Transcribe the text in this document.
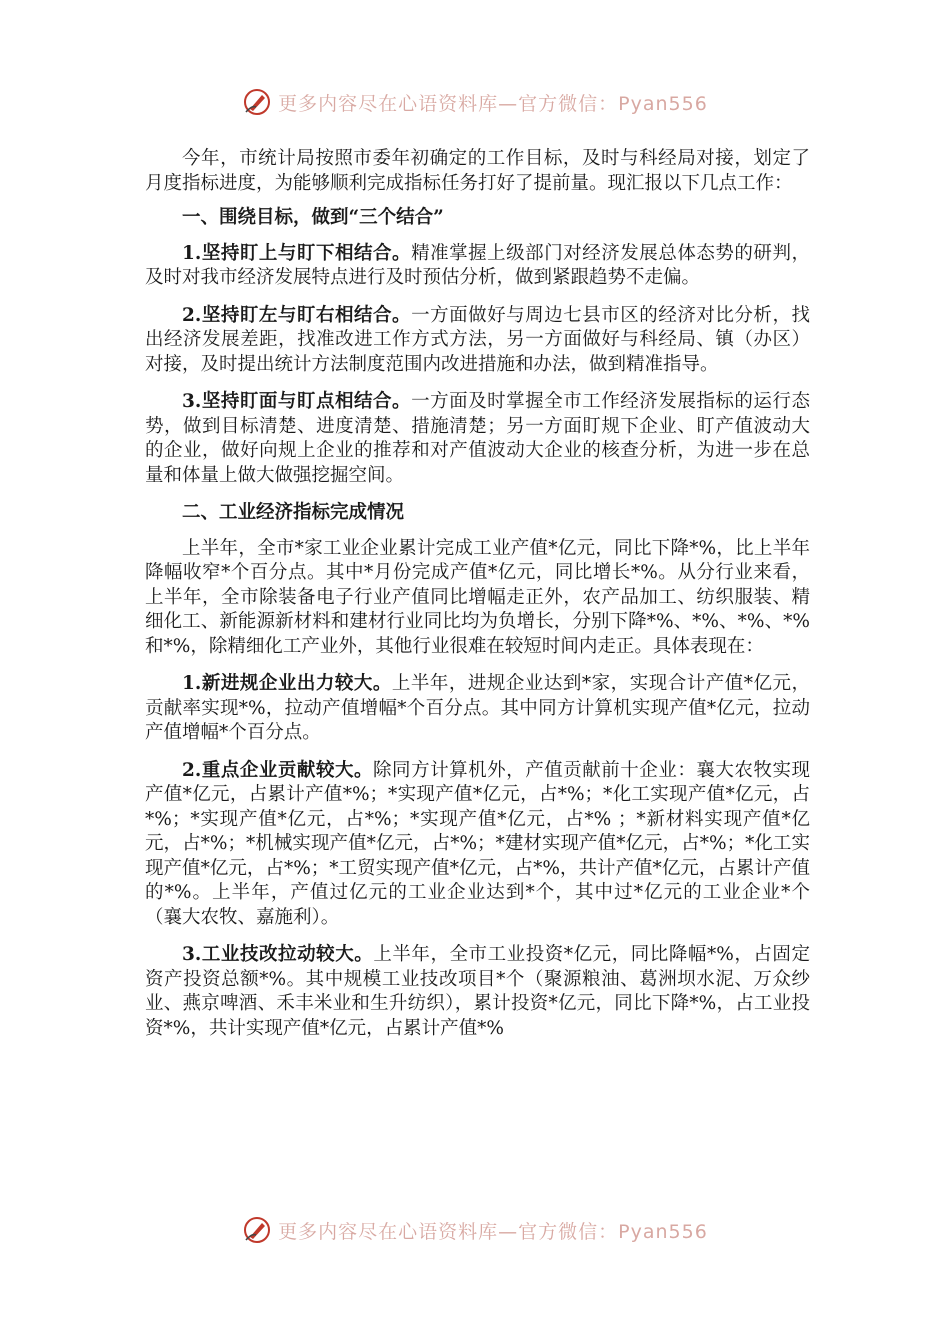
更多内容尽在心语资料库—官方微信：Pyan556

今年，市统计局按照市委年初确定的工作目标，及时与科经局对接，划定了月度指标进度，为能够顺利完成指标任务打好了提前量。现汇报以下几点工作：

一、围绕目标，做到“三个结合”

1.坚持盯上与盯下相结合。精准掌握上级部门对经济发展总体态势的研判，及时对我市经济发展特点进行及时预估分析，做到紧跟趋势不走偏。

2.坚持盯左与盯右相结合。一方面做好与周边七县市区的经济对比分析，找出经济发展差距，找准改进工作方式方法，另一方面做好与科经局、镇（办区）对接，及时提出统计方法制度范围内改进措施和办法，做到精准指导。

3.坚持盯面与盯点相结合。一方面及时掌握全市工作经济发展指标的运行态势，做到目标清楚、进度清楚、措施清楚；另一方面盯规下企业、盯产值波动大的企业，做好向规上企业的推荐和对产值波动大企业的核查分析，为进一步在总量和体量上做大做强挖掘空间。

二、工业经济指标完成情况

上半年，全市*家工业企业累计完成工业产值*亿元，同比下降*%，比上半年降幅收窄*个百分点。其中*月份完成产值*亿元，同比增长*%。从分行业来看，上半年，全市除装备电子行业产值同比增幅走正外，农产品加工、纺织服装、精细化工、新能源新材料和建材行业同比均为负增长，分别下降*%、*%、*%、*%和*%，除精细化工产业外，其他行业很难在较短时间内走正。具体表现在：

1.新进规企业出力较大。上半年，进规企业达到*家，实现合计产值*亿元，贡献率实现*%，拉动产值增幅*个百分点。其中同方计算机实现产值*亿元，拉动产值增幅*个百分点。

2.重点企业贡献较大。除同方计算机外，产值贡献前十企业：襄大农牧实现产值*亿元，占累计产值*%；*实现产值*亿元，占*%；*化工实现产值*亿元，占*%；*实现产值*亿元，占*%；*实现产值*亿元，占*% ；*新材料实现产值*亿元，占*%；*机械实现产值*亿元，占*%；*建材实现产值*亿元，占*%；*化工实现产值*亿元，占*%；*工贸实现产值*亿元，占*%，共计产值*亿元，占累计产值的*%。上半年，产值过亿元的工业企业达到*个，其中过*亿元的工业企业*个（襄大农牧、嘉施利）。

3.工业技改拉动较大。上半年，全市工业投资*亿元，同比降幅*%，占固定资产投资总额*%。其中规模工业技改项目*个（聚源粮油、葛洲坝水泥、万众纱业、燕京啤酒、禾丰米业和生升纺织），累计投资*亿元，同比下降*%，占工业投资*%，共计实现产值*亿元，占累计产值*%

更多内容尽在心语资料库—官方微信：Pyan556
